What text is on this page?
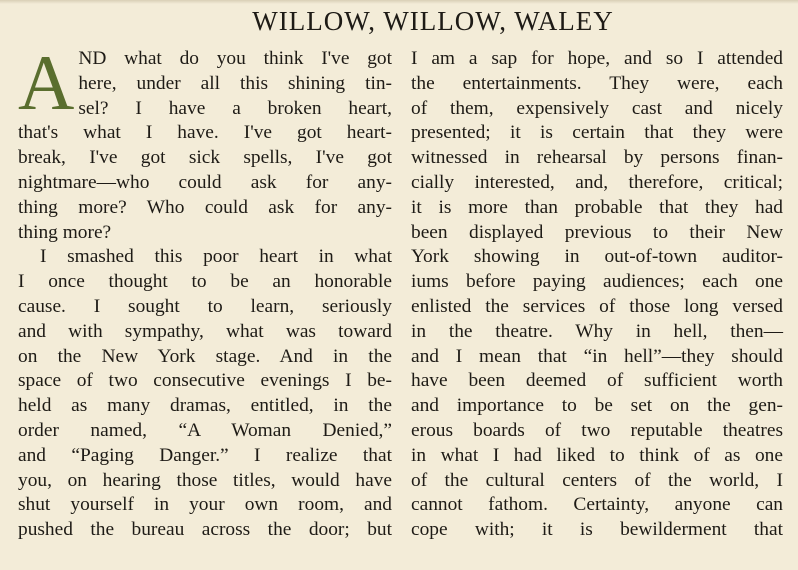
WILLOW, WILLOW, WALEY
A ND what do you think I've got
here, under all this shining tin-
sel? I have a broken heart,
that's what I have. I've got heart-
break, I've got sick spells, I've got
nightmare—who could ask for any-
thing more? Who could ask for any-
thing more?
I smashed this poor heart in what
I once thought to be an honorable
cause. I sought to learn, seriously
and with sympathy, what was toward
on the New York stage. And in the
space of two consecutive evenings I be-
held as many dramas, entitled, in the
order named, “A Woman Denied,”
and “Paging Danger.” I realize that
you, on hearing those titles, would have
shut yourself in your own room, and
pushed the bureau across the door; but
I am a sap for hope, and so I attended
the entertainments. They were, each
of them, expensively cast and nicely
presented; it is certain that they were
witnessed in rehearsal by persons finan-
cially interested, and, therefore, critical;
it is more than probable that they had
been displayed previous to their New
York showing in out-of-town auditor-
iums before paying audiences; each one
enlisted the services of those long versed
in the theatre. Why in hell, then—
and I mean that “in hell”—they should
have been deemed of sufficient worth
and importance to be set on the gen-
erous boards of two reputable theatres
in what I had liked to think of as one
of the cultural centers of the world, I
cannot fathom. Certainty, anyone can
cope with; it is bewilderment that
